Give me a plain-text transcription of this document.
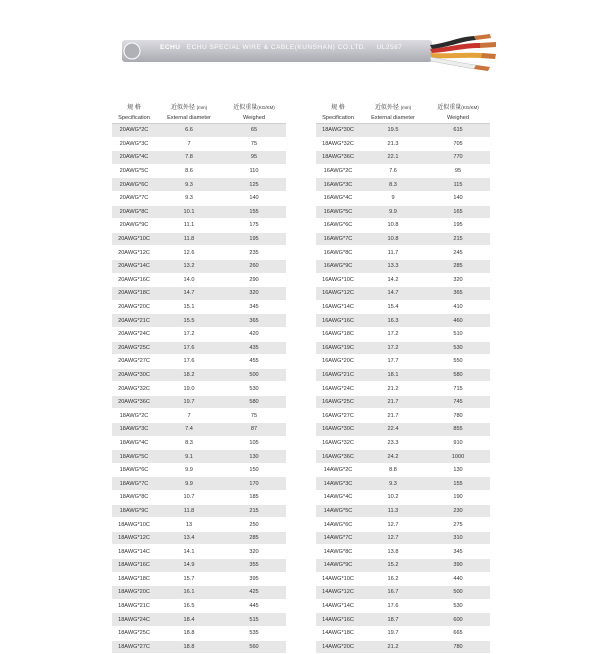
ECHU ECHU SPECIAL WIRE & CABLE(KUNSHAN) CO.LTD. UL2587
规 格	近似外径 (mm)	近似重量(KG/KM)
Specification	External diameter	Weighed
20AWG*2C	6.6	65
20AWG*3C	7	75
20AWG*4C	7.8	95
20AWG*5C	8.6	110
20AWG*6C	9.3	125
20AWG*7C	9.3	140
20AWG*8C	10.1	155
20AWG*9C	11.1	175
20AWG*10C	11.8	195
20AWG*12C	12.6	235
20AWG*14C	13.2	260
20AWG*16C	14.0	290
20AWG*18C	14.7	320
20AWG*20C	15.1	345
20AWG*21C	15.5	365
20AWG*24C	17.2	420
20AWG*25C	17.6	435
20AWG*27C	17.6	455
20AWG*30C	18.2	500
20AWG*32C	19.0	530
20AWG*36C	19.7	580
18AWG*2C	7	75
18AWG*3C	7.4	87
18AWG*4C	8.3	105
18AWG*5C	9.1	130
18AWG*6C	9.9	150
18AWG*7C	9.9	170
18AWG*8C	10.7	185
18AWG*9C	11.8	215
18AWG*10C	13	250
18AWG*12C	13.4	285
18AWG*14C	14.1	320
18AWG*16C	14.9	355
18AWG*18C	15.7	395
18AWG*20C	16.1	425
18AWG*21C	16.5	445
18AWG*24C	18.4	515
18AWG*25C	18.8	535
18AWG*27C	18.8	560
规 格	近似外径 (mm)	近似重量(KG/KM)
Specification	External diameter	Weighed
18AWG*30C	19.5	615
18AWG*32C	21.3	705
18AWG*36C	22.1	770
16AWG*2C	7.6	95
16AWG*3C	8.3	115
16AWG*4C	9	140
16AWG*5C	9.9	165
16AWG*6C	10.8	195
16AWG*7C	10.8	215
16AWG*8C	11.7	245
16AWG*9C	13.3	285
16AWG*10C	14.2	320
16AWG*12C	14.7	365
16AWG*14C	15.4	410
16AWG*16C	16.3	460
16AWG*18C	17.2	510
16AWG*19C	17.2	530
16AWG*20C	17.7	550
16AWG*21C	18.1	580
16AWG*24C	21.2	715
16AWG*25C	21.7	745
16AWG*27C	21.7	780
16AWG*30C	22.4	855
16AWG*32C	23.3	910
16AWG*36C	24.2	1000
14AWG*2C	8.8	130
14AWG*3C	9.3	155
14AWG*4C	10.2	190
14AWG*5C	11.3	230
14AWG*6C	12.7	275
14AWG*7C	12.7	310
14AWG*8C	13.8	345
14AWG*9C	15.2	390
14AWG*10C	16.2	440
14AWG*12C	16.7	500
14AWG*14C	17.6	530
14AWG*16C	18.7	600
14AWG*18C	19.7	665
14AWG*20C	21.2	780
